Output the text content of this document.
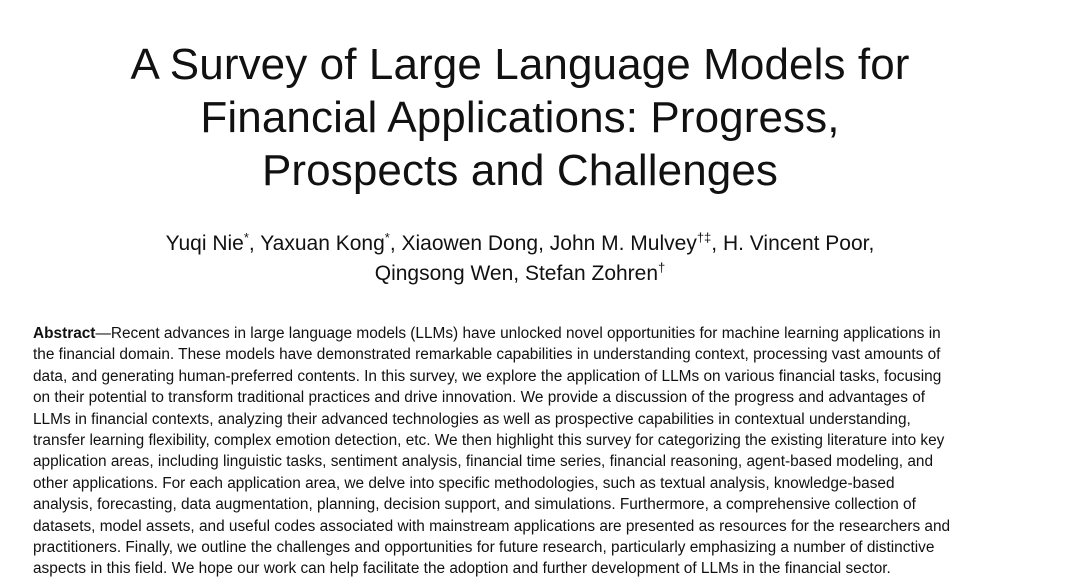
A Survey of Large Language Models for
Financial Applications: Progress,
Prospects and Challenges
Yuqi Nie*, Yaxuan Kong*, Xiaowen Dong, John M. Mulvey†‡, H. Vincent Poor,
Qingsong Wen, Stefan Zohren†
Abstract—Recent advances in large language models (LLMs) have unlocked novel opportunities for machine learning applications in
the financial domain. These models have demonstrated remarkable capabilities in understanding context, processing vast amounts of
data, and generating human-preferred contents. In this survey, we explore the application of LLMs on various financial tasks, focusing
on their potential to transform traditional practices and drive innovation. We provide a discussion of the progress and advantages of
LLMs in financial contexts, analyzing their advanced technologies as well as prospective capabilities in contextual understanding,
transfer learning flexibility, complex emotion detection, etc. We then highlight this survey for categorizing the existing literature into key
application areas, including linguistic tasks, sentiment analysis, financial time series, financial reasoning, agent-based modeling, and
other applications. For each application area, we delve into specific methodologies, such as textual analysis, knowledge-based
analysis, forecasting, data augmentation, planning, decision support, and simulations. Furthermore, a comprehensive collection of
datasets, model assets, and useful codes associated with mainstream applications are presented as resources for the researchers and
practitioners. Finally, we outline the challenges and opportunities for future research, particularly emphasizing a number of distinctive
aspects in this field. We hope our work can help facilitate the adoption and further development of LLMs in the financial sector.
